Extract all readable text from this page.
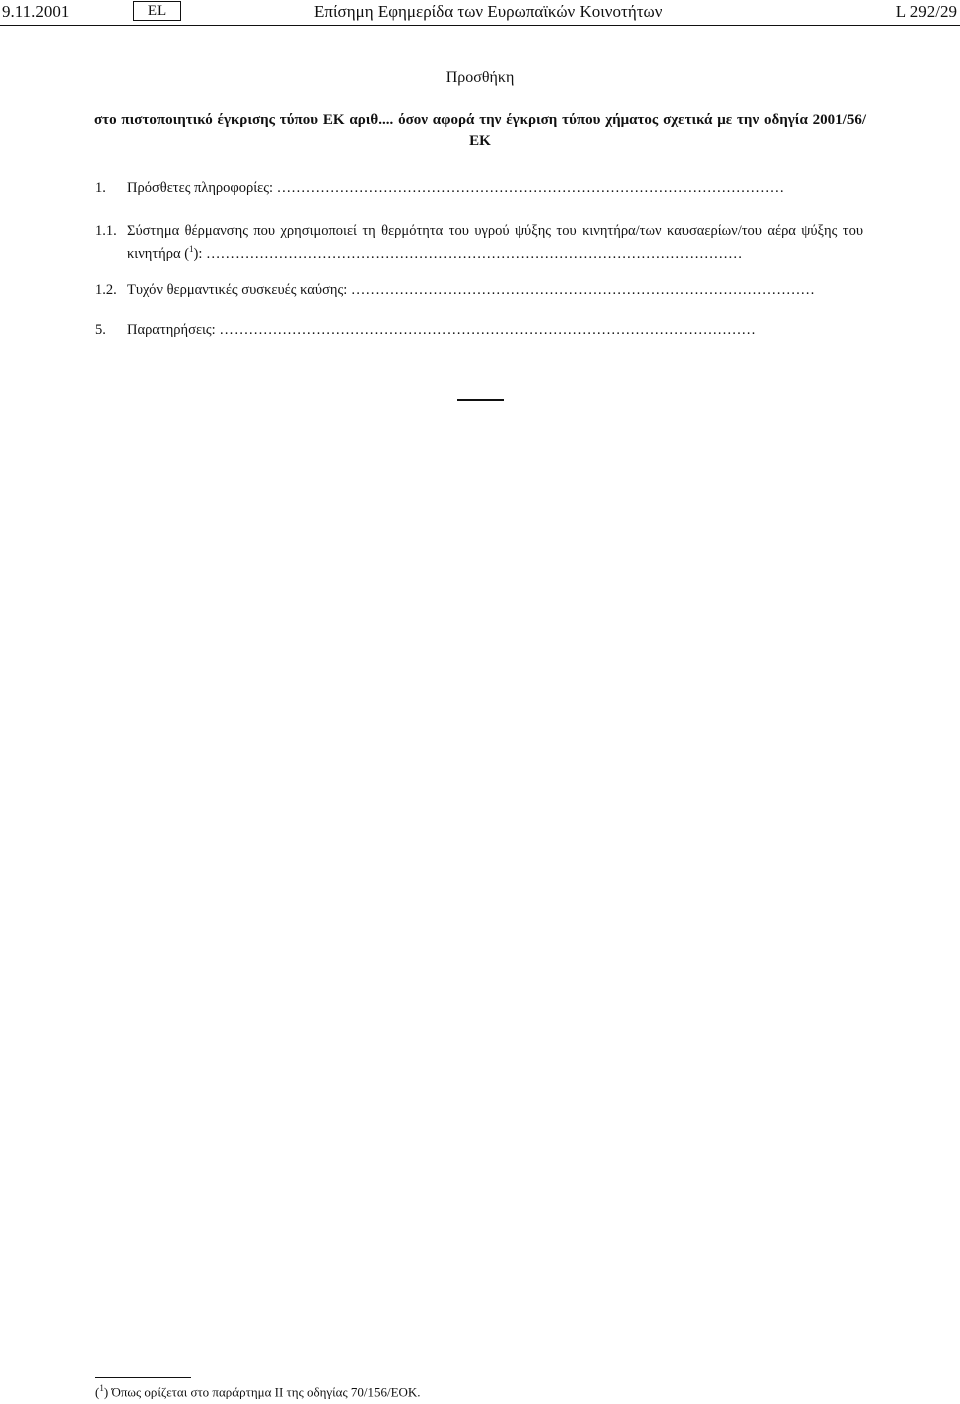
9.11.2001	EL	Επίσημη Εφημερίδα των Ευρωπαϊκών Κοινοτήτων	L 292/29
Προσθήκη
στο πιστοποιητικό έγκρισης τύπου ΕΚ αριθ.... όσον αφορά την έγκριση τύπου χήματος σχετικά με την οδηγία 2001/56/ΕΚ
1. Πρόσθετες πληροφορίες: ……………………………………………………………………………………………
1.1. Σύστημα θέρμανσης που χρησιμοποιεί τη θερμότητα του υγρού ψύξης του κινητήρα/των καυσαερίων/του αέρα ψύξης του κινητήρα ($^1$): …………………………………………………………………………………………………
1.2. Τυχόν θερμαντικές συσκευές καύσης: ……………………………………………………………………………………
5. Παρατηρήσεις: …………………………………………………………………………………………………
($^1$) Όπως ορίζεται στο παράρτημα II της οδηγίας 70/156/ΕΟΚ.
